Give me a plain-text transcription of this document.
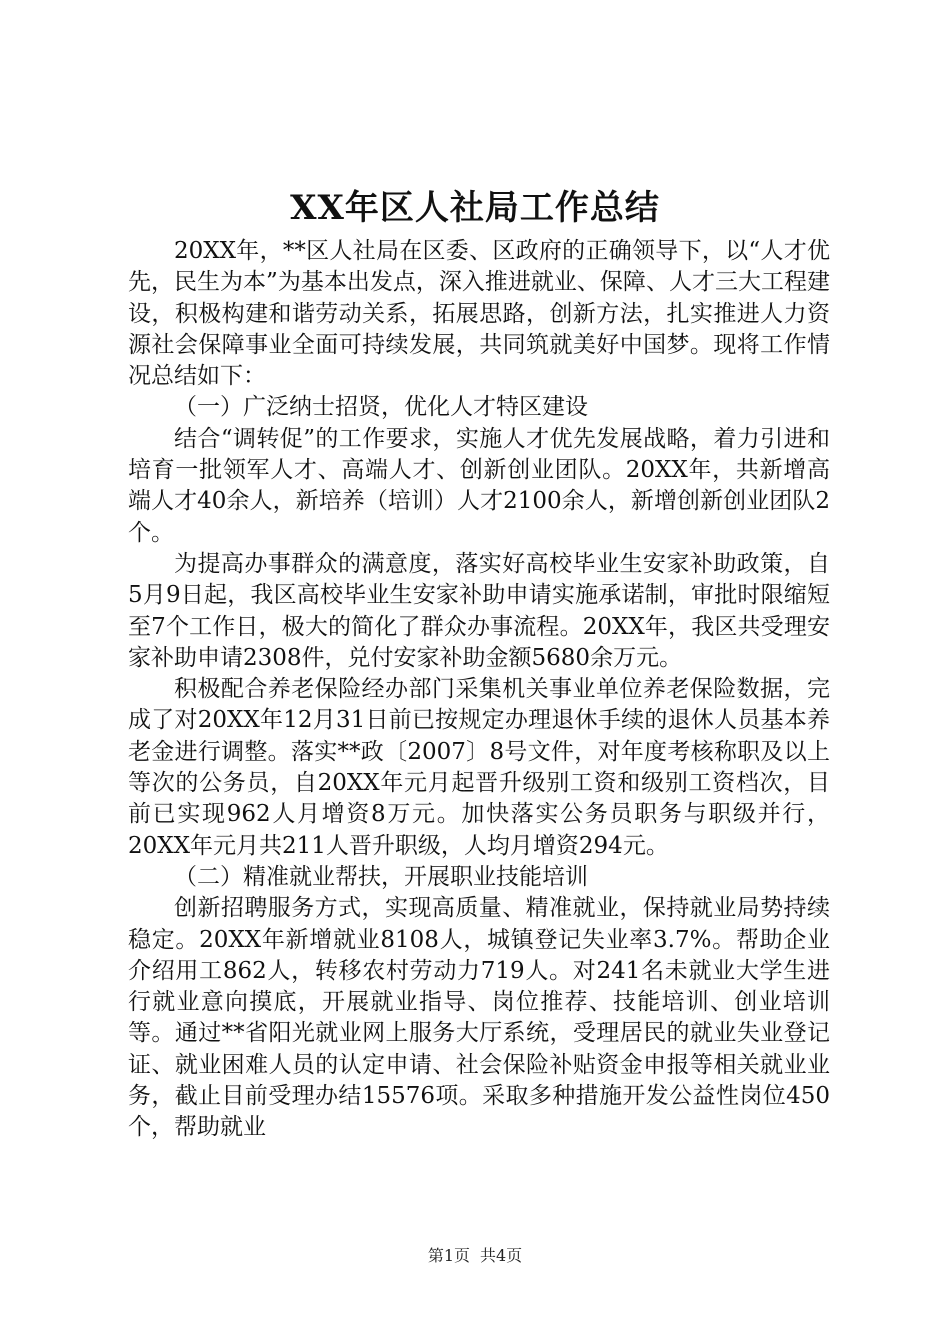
XX年区人社局工作总结

20XX年，**区人社局在区委、区政府的正确领导下，以“人才优先，民生为本”为基本出发点，深入推进就业、保障、人才三大工程建设，积极构建和谐劳动关系，拓展思路，创新方法，扎实推进人力资源社会保障事业全面可持续发展，共同筑就美好中国梦。现将工作情况总结如下：

（一）广泛纳士招贤，优化人才特区建设

结合“调转促”的工作要求，实施人才优先发展战略，着力引进和培育一批领军人才、高端人才、创新创业团队。20XX年，共新增高端人才40余人，新培养（培训）人才2100余人，新增创新创业团队2个。

为提高办事群众的满意度，落实好高校毕业生安家补助政策，自5月9日起，我区高校毕业生安家补助申请实施承诺制，审批时限缩短至7个工作日，极大的简化了群众办事流程。20XX年，我区共受理安家补助申请2308件，兑付安家补助金额5680余万元。

积极配合养老保险经办部门采集机关事业单位养老保险数据，完成了对20XX年12月31日前已按规定办理退休手续的退休人员基本养老金进行调整。落实**政〔2007〕8号文件，对年度考核称职及以上等次的公务员，自20XX年元月起晋升级别工资和级别工资档次，目前已实现962人月增资8万元。加快落实公务员职务与职级并行，20XX年元月共211人晋升职级，人均月增资294元。

（二）精准就业帮扶，开展职业技能培训

创新招聘服务方式，实现高质量、精准就业，保持就业局势持续稳定。20XX年新增就业8108人，城镇登记失业率3.7%。帮助企业介绍用工862人，转移农村劳动力719人。对241名未就业大学生进行就业意向摸底，开展就业指导、岗位推荐、技能培训、创业培训等。通过**省阳光就业网上服务大厅系统，受理居民的就业失业登记证、就业困难人员的认定申请、社会保险补贴资金申报等相关就业业务，截止目前受理办结15576项。采取多种措施开发公益性岗位450个，帮助就业

第1页 共4页
